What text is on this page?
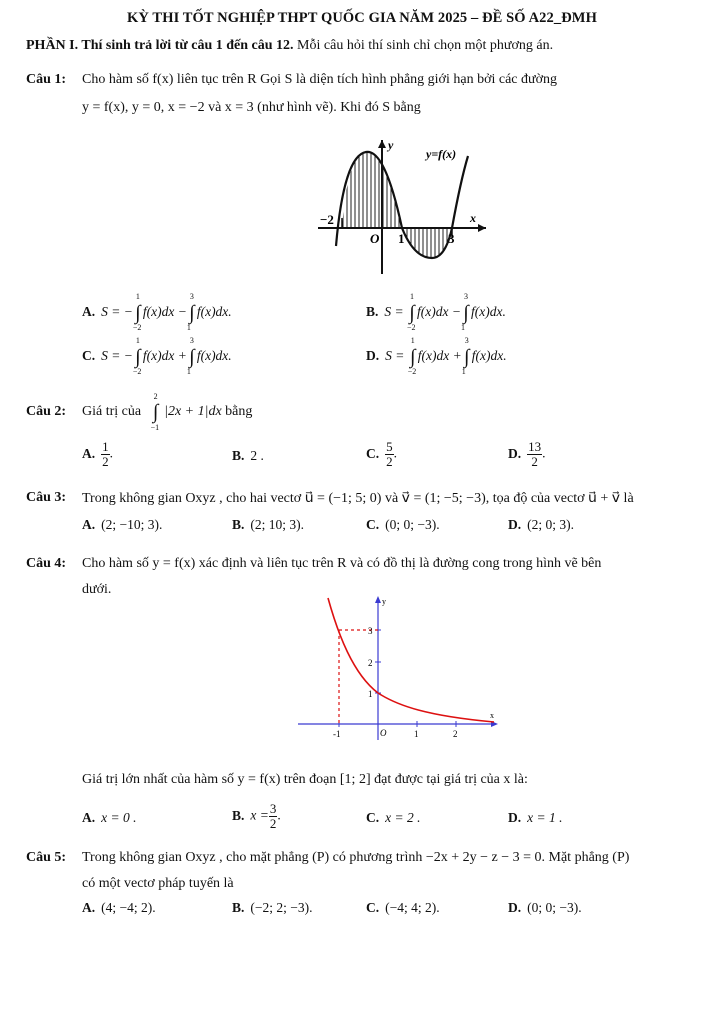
KỲ THI TỐT NGHIỆP THPT QUỐC GIA NĂM 2025 – ĐỀ SỐ A22_ĐMH
PHẦN I. Thí sinh trả lời từ câu 1 đến câu 12. Mỗi câu hỏi thí sinh chỉ chọn một phương án.
Câu 1: Cho hàm số f(x) liên tục trên R Gọi S là diện tích hình phẳng giới hạn bởi các đường
y = f(x), y = 0, x = −2 và x = 3 (như hình vẽ). Khi đó S bằng
y=f(x)
y
x
−2
O 1	3
A. S = −
1
∫
−2
f(x)dx −
3
∫
1
f(x)dx.	B. S =
1
∫
−2
f(x)dx −
3
∫
1
f(x)dx.
C. S = −
1
∫
−2
f(x)dx +
3
∫
1
f(x)dx.	D. S =
1
∫
−2
f(x)dx +
3
∫
1
f(x)dx.
Câu 2: Giá trị của
2
∫
−1
|2x + 1|dx bằng
A. $\frac{1}{2}$ .	B. 2 .	C. $\frac{5}{2}$ .	D. $\frac{13}{2}$ .
Câu 3: Trong không gian Oxyz , cho hai vectơ u⃗ = (−1; 5; 0) và v⃗ = (1; −5; −3), tọa độ của vectơ u⃗ + v⃗ là
A. (2; −10; 3).	B. (2; 10; 3).	C. (0; 0; −3).	D. (2; 0; 3).
Câu 4: Cho hàm số y = f(x) xác định và liên tục trên R và có đồ thị là đường cong trong hình vẽ bên
dưới.
y
x
3
2
1
-1	O	1	2
Giá trị lớn nhất của hàm số y = f(x) trên đoạn [1; 2] đạt được tại giá trị của x là:
A. x = 0 .	B. $x = \frac{3}{2}$ .	C. x = 2 .	D. x = 1 .
Câu 5: Trong không gian Oxyz , cho mặt phẳng (P) có phương trình −2x + 2y − z − 3 = 0. Mặt phẳng (P)
có một vectơ pháp tuyến là
A. (4; −4; 2).	B. (−2; 2; −3).	C. (−4; 4; 2).	D. (0; 0; −3).
